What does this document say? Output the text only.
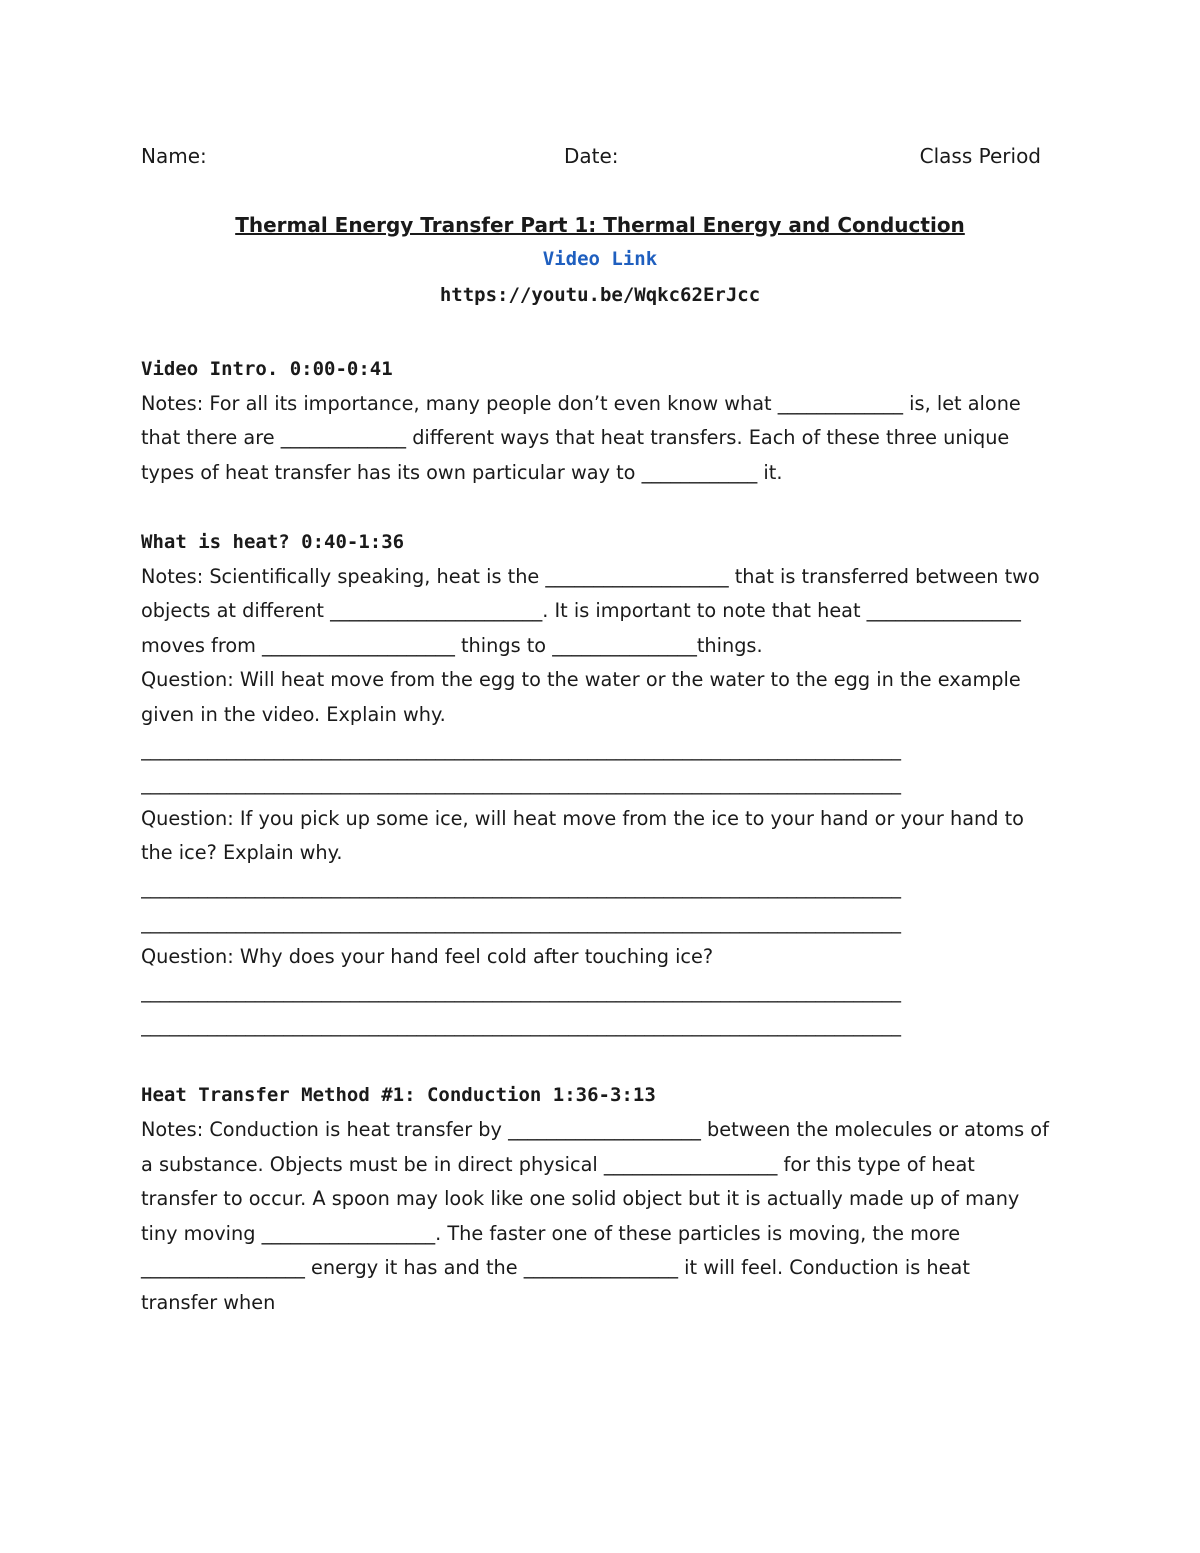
Name:	Date:	Class Period
Thermal Energy Transfer Part 1: Thermal Energy and Conduction
Video Link
https://youtu.be/Wqkc62ErJcc
Video Intro. 0:00-0:41

Notes: For all its importance, many people don’t even know what _____________ is, let alone that there are _____________ different ways that heat transfers. Each of these three unique types of heat transfer has its own particular way to ____________ it.

What is heat? 0:40-1:36

Notes: Scientifically speaking, heat is the ___________________ that is transferred between two objects at different ______________________. It is important to note that heat ________________ moves from ____________________ things to _______________things.

Question: Will heat move from the egg to the water or the water to the egg in the example given in the video. Explain why.

________________________________________________________________________________
________________________________________________________________________________

Question: If you pick up some ice, will heat move from the ice to your hand or your hand to the ice? Explain why.

________________________________________________________________________________
________________________________________________________________________________

Question: Why does your hand feel cold after touching ice?

________________________________________________________________________________
________________________________________________________________________________
Heat Transfer Method #1: Conduction 1:36-3:13

Notes: Conduction is heat transfer by ____________________ between the molecules or atoms of a substance. Objects must be in direct physical __________________ for this type of heat transfer to occur. A spoon may look like one solid object but it is actually made up of many tiny moving __________________. The faster one of these particles is moving, the more _________________ energy it has and the ________________ it will feel. Conduction is heat transfer when
